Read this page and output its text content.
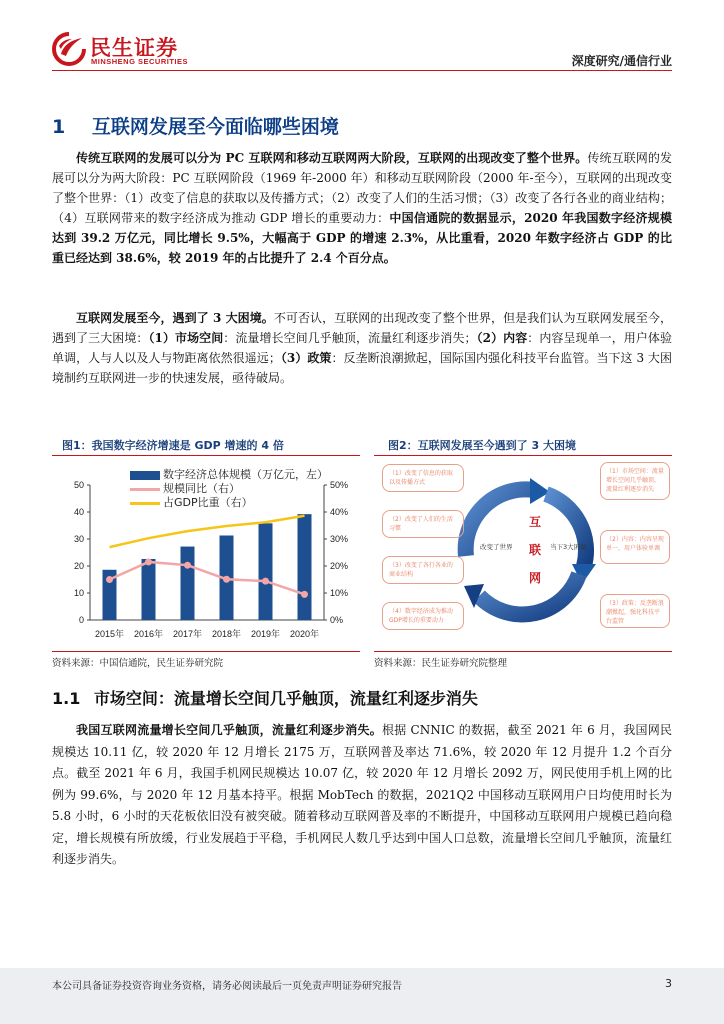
民生证券
MINSHENG SECURITIES	深度研究/通信行业
1 互联网发展至今面临哪些困境
传统互联网的发展可以分为 PC 互联网和移动互联网两大阶段，互联网的出现改变了整个世界。传统互联网的发展可以分为两大阶段：PC 互联网阶段（1969 年-2000 年）和移动互联网阶段（2000 年-至今），互联网的出现改变了整个世界：（1）改变了信息的获取以及传播方式；（2）改变了人们的生活习惯；（3）改变了各行各业的商业结构；（4）互联网带来的数字经济成为推动 GDP 增长的重要动力：中国信通院的数据显示，2020 年我国数字经济规模达到 39.2 万亿元，同比增长 9.5%，大幅高于 GDP 的增速 2.3%，从比重看，2020 年数字经济占 GDP 的比重已经达到 38.6%，较 2019 年的占比提升了 2.4 个百分点。
互联网发展至今，遇到了 3 大困境。不可否认，互联网的出现改变了整个世界，但是我们认为互联网发展至今，遇到了三大困境：（1）市场空间：流量增长空间几乎触顶，流量红利逐步消失；（2）内容：内容呈现单一，用户体验单调，人与人以及人与物距离依然很遥远；（3）政策：反垄断浪潮掀起，国际国内强化科技平台监管。当下这 3 大困境制约互联网进一步的快速发展，亟待破局。
图1：我国数字经济增速是 GDP 增速的 4 倍
数字经济总体规模（万亿元，左）
规模同比（右）
占GDP比重（右）
0
10
20
30
40
50
0%
10%
20%
30%
40%
50%
2015年 2016年 2017年 2018年 2019年 2020年
资料来源：中国信通院，民生证券研究院
图2：互联网发展至今遇到了 3 大困境
互
联
网
改变了世界	当下3大困境
（1）改变了信息的获取以及传播方式
（2）改变了人们的生活习惯
（3）改变了各行各业的商业结构
（4）数字经济成为推动GDP增长的重要动力
（1）市场空间：流量增长空间几乎触顶，流量红利逐步消失
（2）内容：内容呈现单一，用户体验单调
（3）政策：反垄断浪潮掀起，强化科技平台监管
资料来源：民生证券研究院整理
1.1 市场空间：流量增长空间几乎触顶，流量红利逐步消失
我国互联网流量增长空间几乎触顶，流量红利逐步消失。根据 CNNIC 的数据，截至 2021 年 6 月，我国网民规模达 10.11 亿，较 2020 年 12 月增长 2175 万，互联网普及率达 71.6%，较 2020 年 12 月提升 1.2 个百分点。截至 2021 年 6 月，我国手机网民规模达 10.07 亿，较 2020 年 12 月增长 2092 万，网民使用手机上网的比例为 99.6%，与 2020 年 12 月基本持平。根据 MobTech 的数据，2021Q2 中国移动互联网用户日均使用时长为 5.8 小时，6 小时的天花板依旧没有被突破。随着移动互联网普及率的不断提升，中国移动互联网用户规模已趋向稳定，增长规模有所放缓，行业发展趋于平稳，手机网民人数几乎达到中国人口总数，流量增长空间几乎触顶，流量红利逐步消失。
本公司具备证券投资咨询业务资格，请务必阅读最后一页免责声明证券研究报告	3
